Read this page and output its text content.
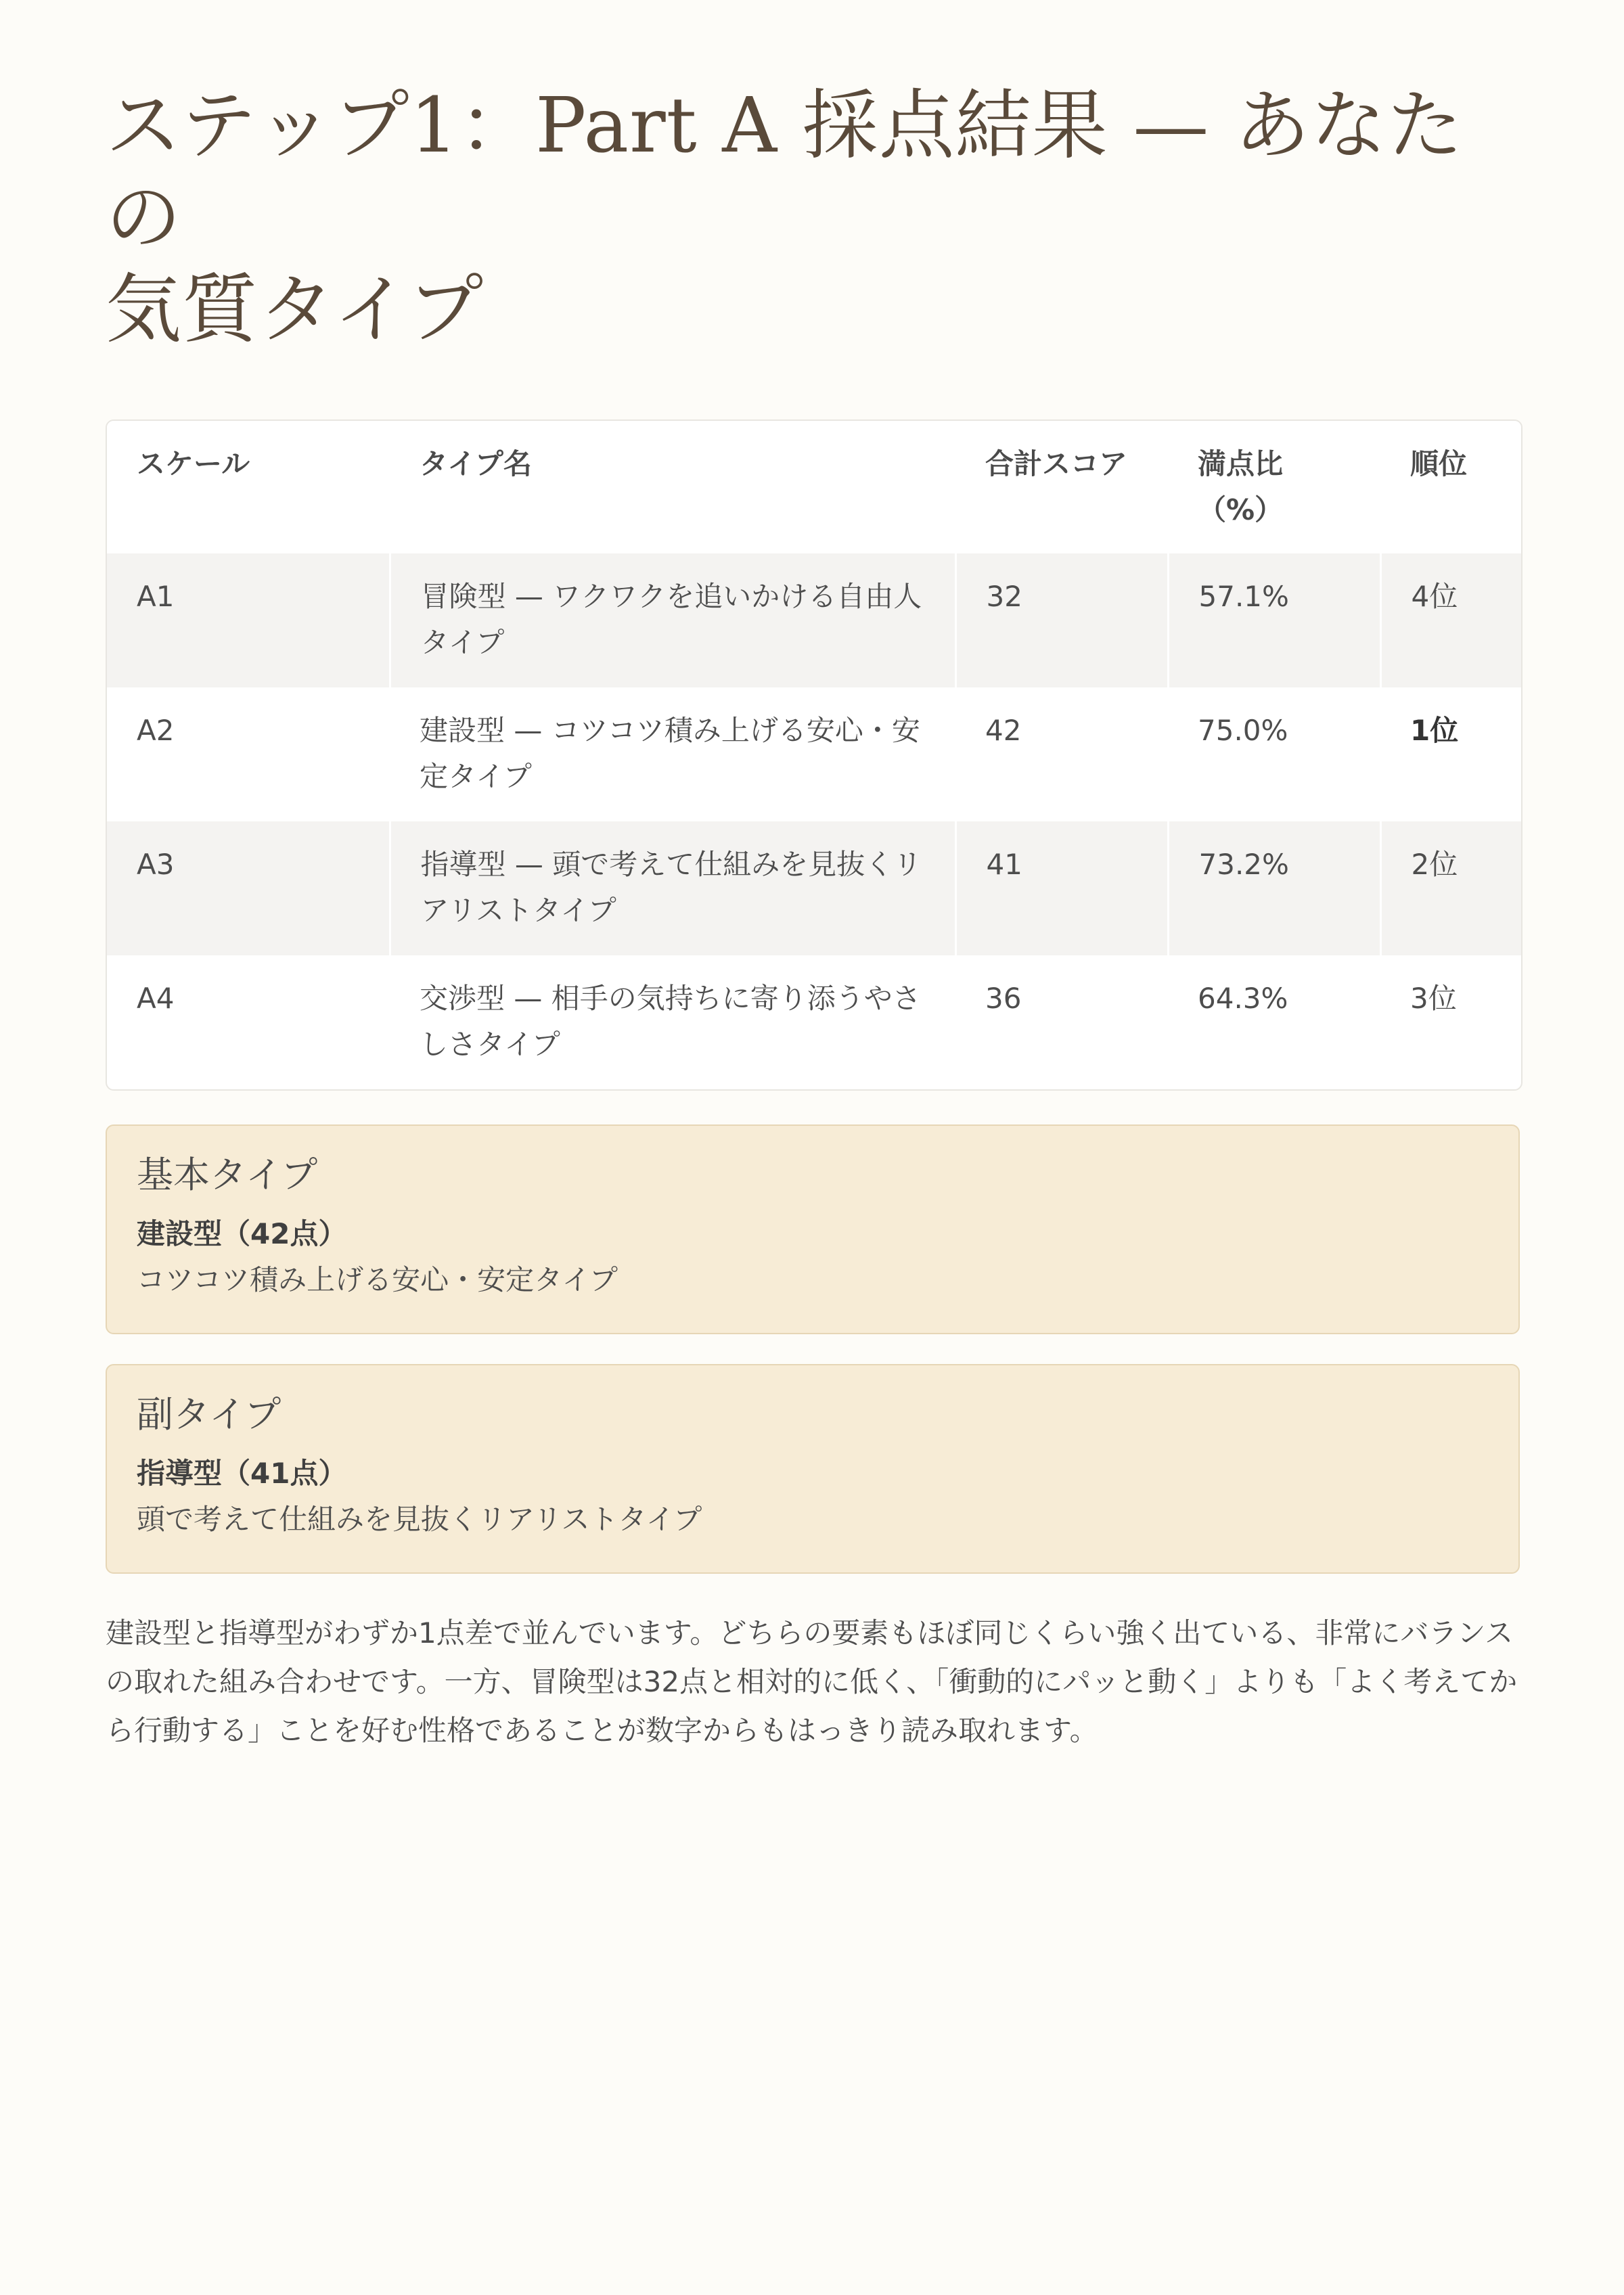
ステップ1：Part A 採点結果 — あなたの
気質タイプ
スケール	タイプ名	合計スコア	満点比（%）	順位
A1	冒険型 — ワクワクを追いかける自由人タイプ	32	57.1%	4位
A2	建設型 — コツコツ積み上げる安心・安定タイプ	42	75.0%	1位
A3	指導型 — 頭で考えて仕組みを見抜くリアリストタイプ	41	73.2%	2位
A4	交渉型 — 相手の気持ちに寄り添うやさしさタイプ	36	64.3%	3位
基本タイプ
建設型（42点）
コツコツ積み上げる安心・安定タイプ
副タイプ
指導型（41点）
頭で考えて仕組みを見抜くリアリストタイプ

建設型と指導型がわずか1点差で並んでいます。どちらの要素もほぼ同じくらい強く出ている、非常にバランスの取れた組み合わせです。一方、冒険型は32点と相対的に低く、「衝動的にパッと動く」よりも「よく考えてから行動する」ことを好む性格であることが数字からもはっきり読み取れます。
